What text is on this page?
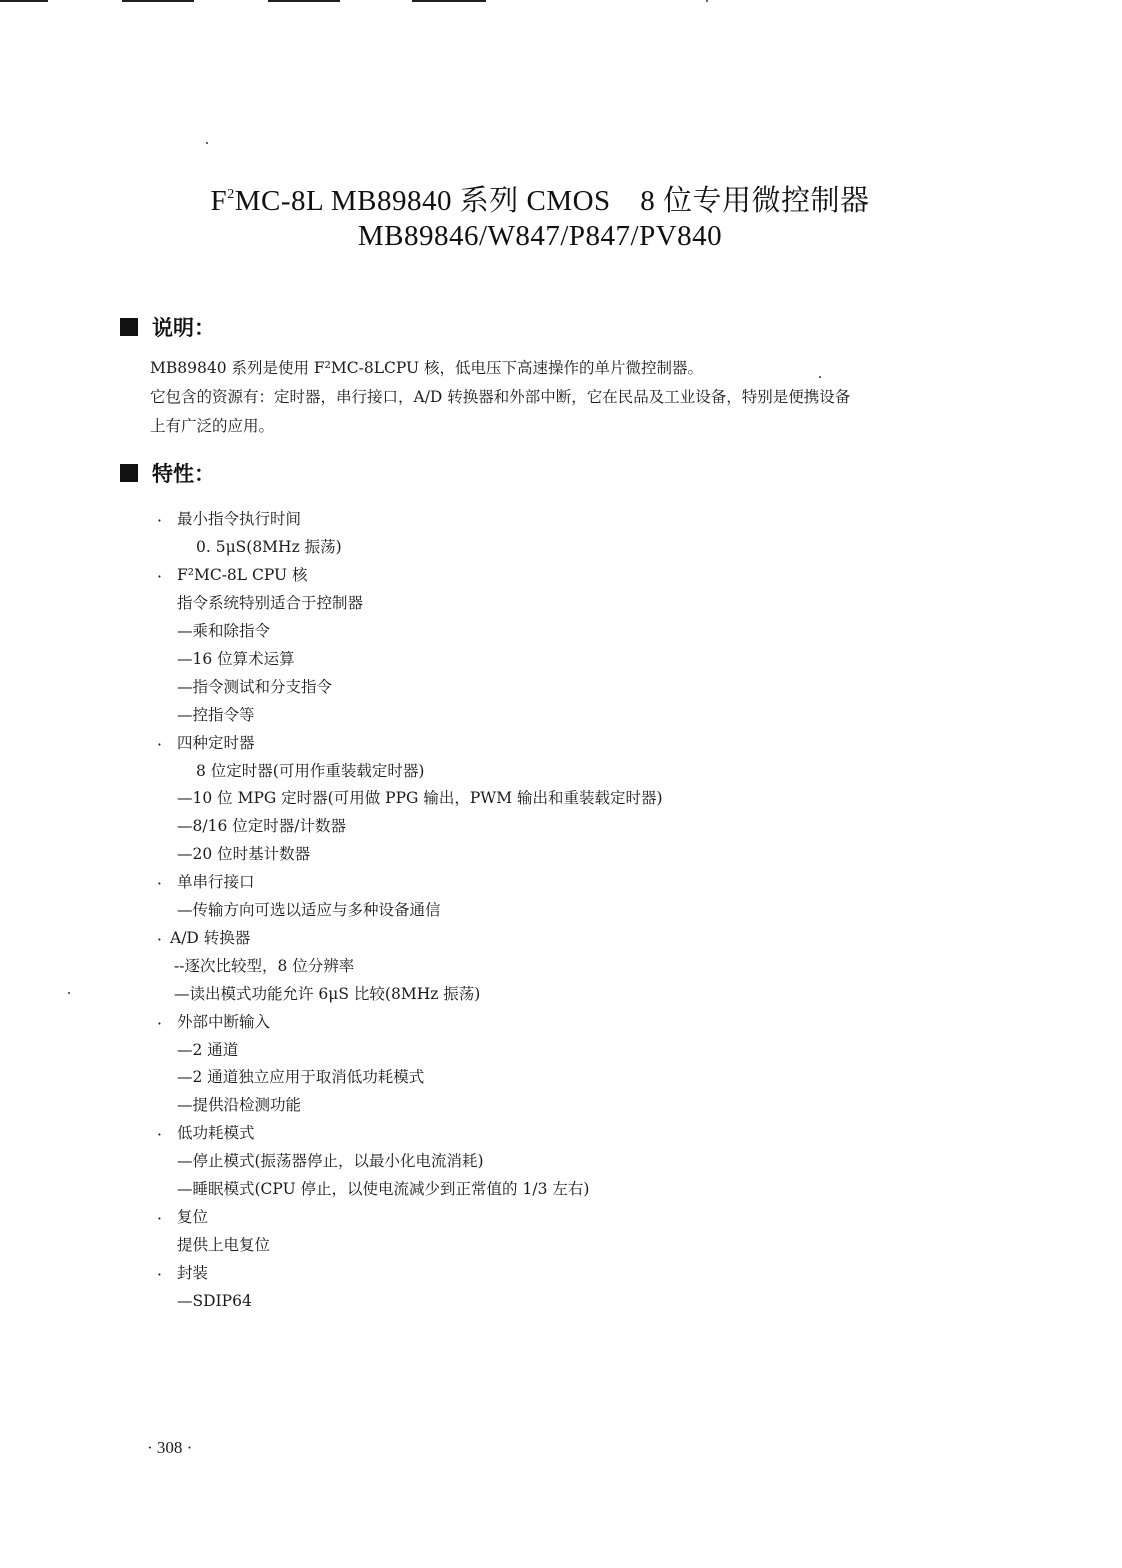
$F^2MC-8L$ MB89840 系列 CMOS　8 位专用微控制器
MB89846/W847/P847/PV840
说明：
MB89840 系列是使用 F²MC-8LCPU 核，低电压下高速操作的单片微控制器。
它包含的资源有：定时器，串行接口，A/D 转换器和外部中断，它在民品及工业设备，特别是便携设备
上有广泛的应用。
特性：
· 最小指令执行时间
0. 5μS(8MHz 振荡)
· F²MC-8L CPU 核
指令系统特别适合于控制器
—乘和除指令
—16 位算术运算
—指令测试和分支指令
—控指令等
· 四种定时器
8 位定时器(可用作重装载定时器)
—10 位 MPG 定时器(可用做 PPG 输出，PWM 输出和重装载定时器)
—8/16 位定时器/计数器
—20 位时基计数器
· 单串行接口
—传输方向可选以适应与多种设备通信
· A/D 转换器
--逐次比较型，8 位分辨率
—读出模式功能允许 6μS 比较(8MHz 振荡)
· 外部中断输入
—2 通道
—2 通道独立应用于取消低功耗模式
—提供沿检测功能
· 低功耗模式
—停止模式(振荡器停止，以最小化电流消耗)
—睡眠模式(CPU 停止，以使电流减少到正常值的 1/3 左右)
· 复位
提供上电复位
· 封装
—SDIP64
· 308 ·
